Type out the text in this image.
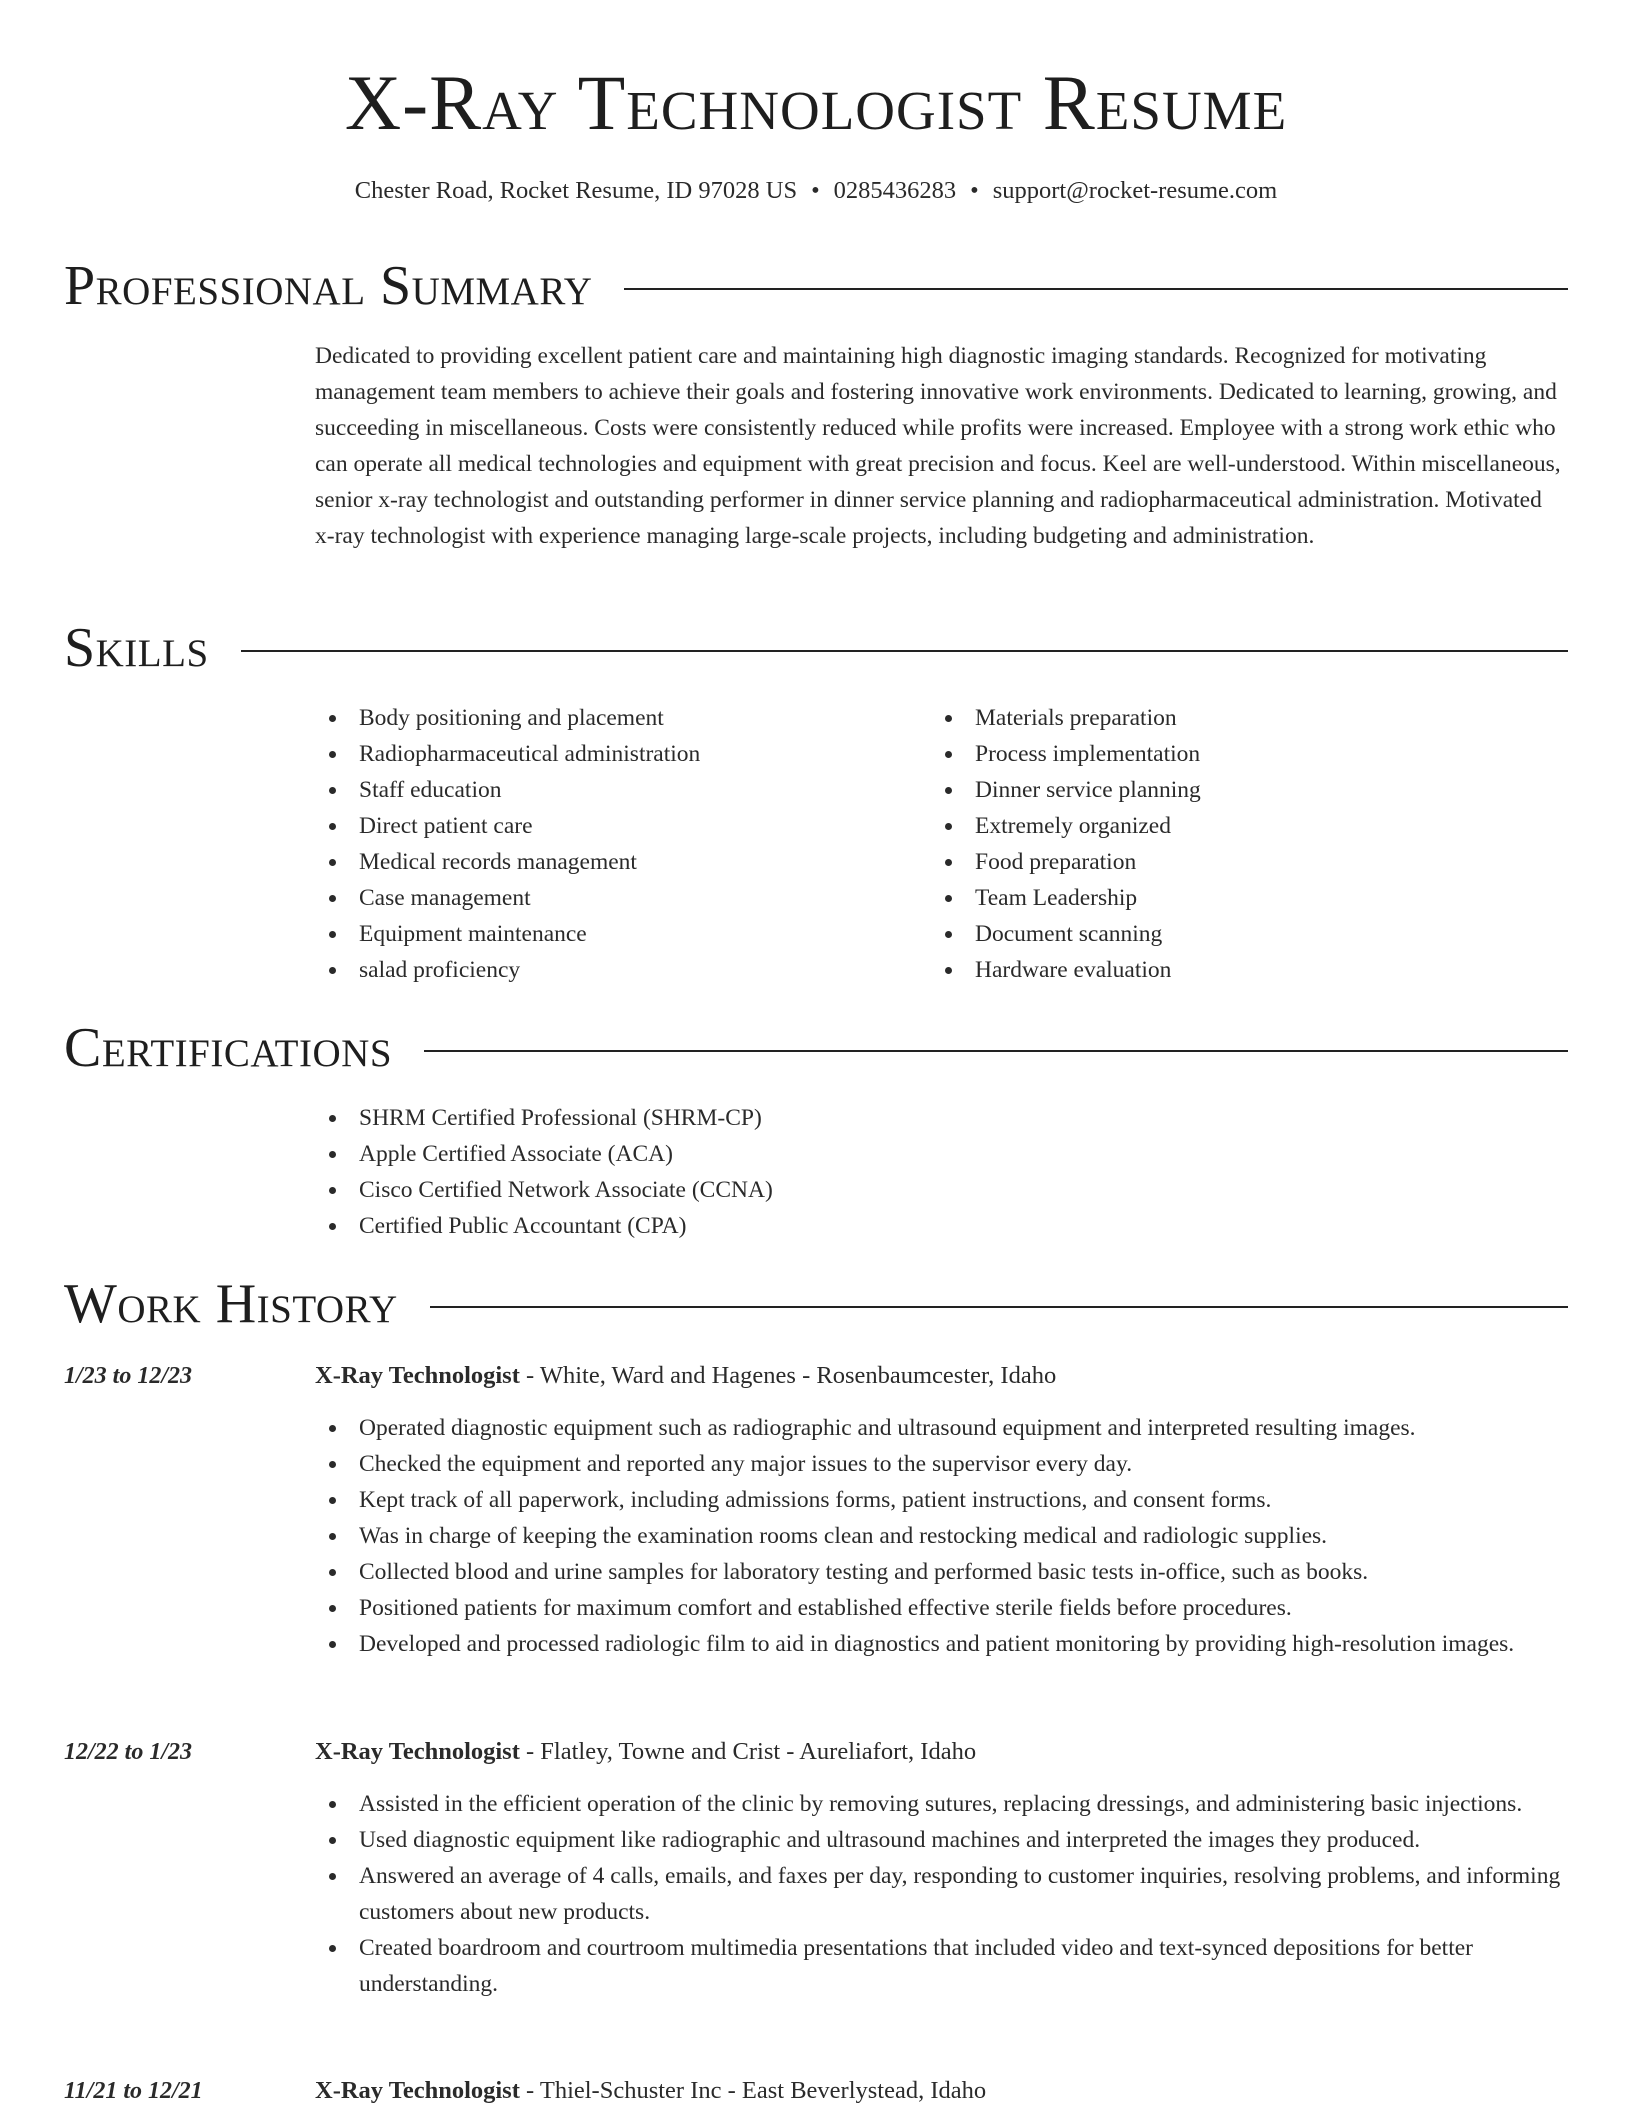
X-Ray Technologist Resume
Chester Road, Rocket Resume, ID 97028 US • 0285436283 • support@rocket-resume.com
Professional Summary

Dedicated to providing excellent patient care and maintaining high diagnostic imaging standards. Recognized for motivating management team members to achieve their goals and fostering innovative work environments. Dedicated to learning, growing, and succeeding in miscellaneous. Costs were consistently reduced while profits were increased. Employee with a strong work ethic who can operate all medical technologies and equipment with great precision and focus. Keel are well-understood. Within miscellaneous, senior x-ray technologist and outstanding performer in dinner service planning and radiopharmaceutical administration. Motivated x-ray technologist with experience managing large-scale projects, including budgeting and administration.

Skills
Body positioning and placement
Radiopharmaceutical administration
Staff education
Direct patient care
Medical records management
Case management
Equipment maintenance
salad proficiency
Materials preparation
Process implementation
Dinner service planning
Extremely organized
Food preparation
Team Leadership
Document scanning
Hardware evaluation
Certifications
SHRM Certified Professional (SHRM-CP)
Apple Certified Associate (ACA)
Cisco Certified Network Associate (CCNA)
Certified Public Accountant (CPA)
Work History
1/23 to 12/23	X-Ray Technologist - White, Ward and Hagenes - Rosenbaumcester, Idaho
Operated diagnostic equipment such as radiographic and ultrasound equipment and interpreted resulting images.
Checked the equipment and reported any major issues to the supervisor every day.
Kept track of all paperwork, including admissions forms, patient instructions, and consent forms.
Was in charge of keeping the examination rooms clean and restocking medical and radiologic supplies.
Collected blood and urine samples for laboratory testing and performed basic tests in-office, such as books.
Positioned patients for maximum comfort and established effective sterile fields before procedures.
Developed and processed radiologic film to aid in diagnostics and patient monitoring by providing high-resolution images.
12/22 to 1/23	X-Ray Technologist - Flatley, Towne and Crist - Aureliafort, Idaho
Assisted in the efficient operation of the clinic by removing sutures, replacing dressings, and administering basic injections.
Used diagnostic equipment like radiographic and ultrasound machines and interpreted the images they produced.
Answered an average of 4 calls, emails, and faxes per day, responding to customer inquiries, resolving problems, and informing customers about new products.
Created boardroom and courtroom multimedia presentations that included video and text-synced depositions for better understanding.
11/21 to 12/21	X-Ray Technologist - Thiel-Schuster Inc - East Beverlystead, Idaho
